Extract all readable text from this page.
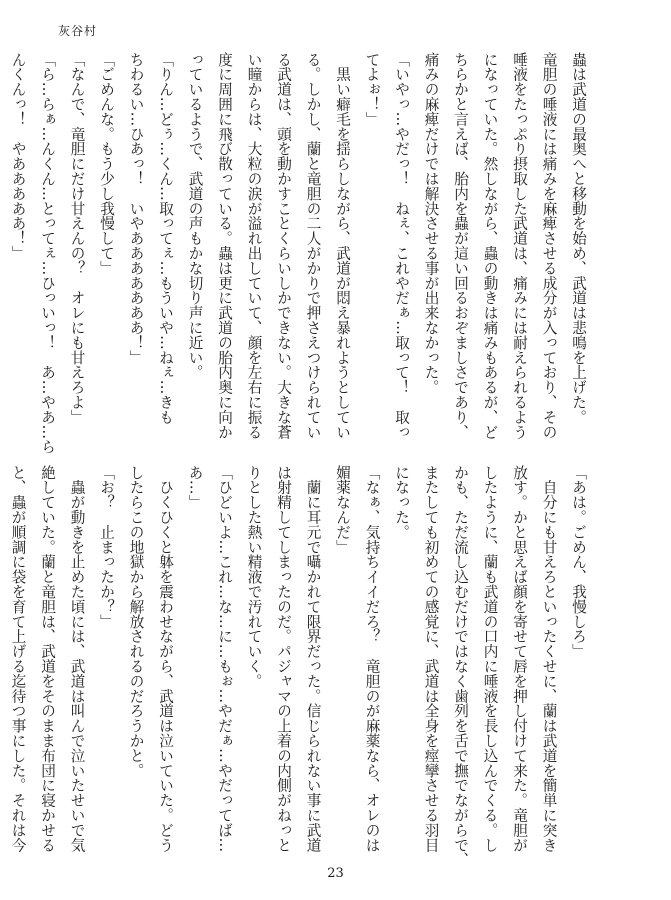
灰谷村
蟲は武道の最奥へと移動を始め、武道は悲鳴を上げた。
竜胆の唾液には痛みを麻痺させる成分が入っており、その
唾液をたっぷり摂取した武道は、痛みには耐えられるよう
になっていた。然しながら、蟲の動きは痛みもあるが、ど
ちらかと言えば、胎内を蟲が這い回るおぞましさであり、
痛みの麻痺だけでは解決させる事が出来なかった。
「いやっ…やだっ！　ねぇ、これやだぁ…取って！　取っ
てよぉ！」
　黒い癖毛を揺らしながら、武道が悶え暴れようとしてい
る。しかし、蘭と竜胆の二人がかりで押さえつけられてい
る武道は、頭を動かすことくらいしかできない。大きな蒼
い瞳からは、大粒の涙が溢れ出していて、顔を左右に振る
度に周囲に飛び散っている。蟲は更に武道の胎内奥に向か
っているようで、武道の声もかな切り声に近い。
「りん…どぅ…くん…取ってぇ…もういや…ねぇ…きも
ちわるい…ひあっ！　いやあああああああ！」
「ごめんな。もう少し我慢して」
「なんで、竜胆にだけ甘えんの？　オレにも甘えろよ」
「ら…らぁ…んくん…とってぇ…ひっいっ！　あ…やあ…ら
んくんっ！　やあああああ！」
「あは。ごめん、我慢しろ」
　自分にも甘えろといったくせに、蘭は武道を簡単に突き
放す。かと思えば顔を寄せて唇を押し付けて来た。竜胆が
したように、蘭も武道の口内に唾液を長し込んでくる。し
かも、ただ流し込むだけではなく歯列を舌で撫でながらで、
またしても初めての感覚に、武道は全身を痙攣させる羽目
になった。
「なぁ、気持ちイイだろ？　竜胆のが麻薬なら、オレのは
媚薬なんだ」
　蘭に耳元で囁かれて限界だった。信じられない事に武道
は射精してしまったのだ。パジャマの上着の内側がねっと
りとした熱い精液で汚れていく。
「ひどいよ…これ…な…に…もぉ…やだぁ…やだってば…
あ…」
　ひくひくと躰を震わせながら、武道は泣いていた。どう
したらこの地獄から解放されるのだろうかと。
「お？　止まったか？」
　蟲が動きを止めた頃には、武道は叫んで泣いたせいで気
絶していた。蘭と竜胆は、武道をそのまま布団に寝かせる
と、蟲が順調に袋を育て上げる迄待つ事にした。それは今
23
